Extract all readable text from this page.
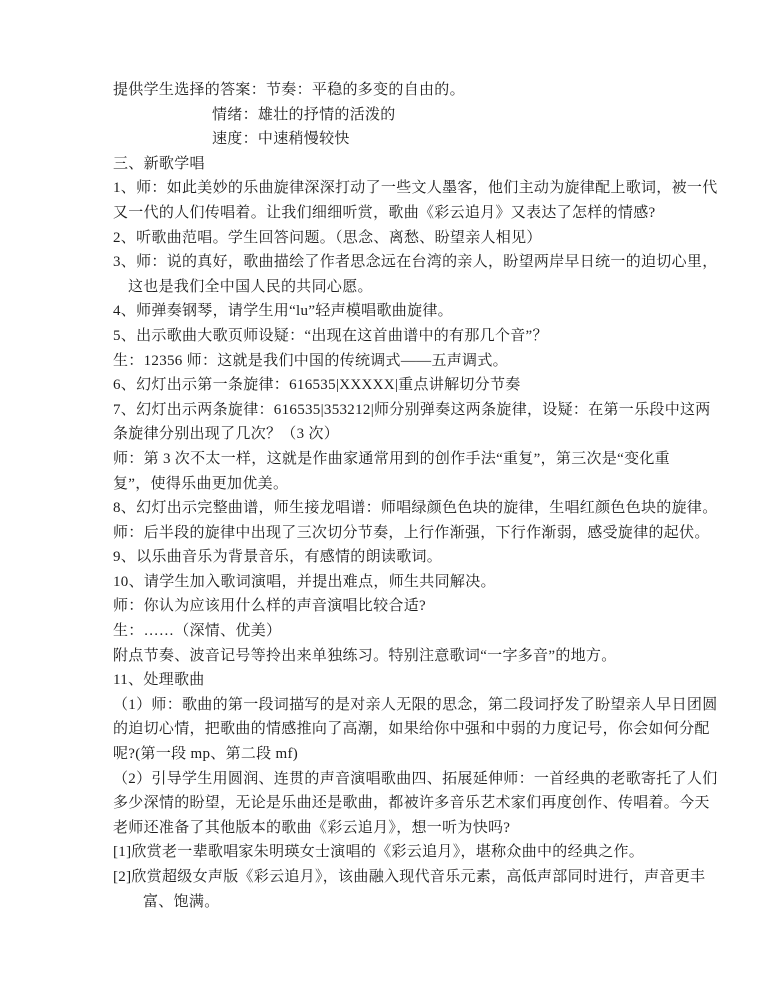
提供学生选择的答案：节奏：平稳的多变的自由的。
情绪：雄壮的抒情的活泼的
速度：中速稍慢较快
三、新歌学唱
1、师：如此美妙的乐曲旋律深深打动了一些文人墨客，他们主动为旋律配上歌词，被一代
又一代的人们传唱着。让我们细细听赏，歌曲《彩云追月》又表达了怎样的情感?
2、听歌曲范唱。学生回答问题。（思念、离愁、盼望亲人相见）
3、师：说的真好，歌曲描绘了作者思念远在台湾的亲人，盼望两岸早日统一的迫切心里，
这也是我们全中国人民的共同心愿。
4、师弹奏钢琴，请学生用“lu”轻声模唱歌曲旋律。
5、出示歌曲大歌页师设疑：“出现在这首曲谱中的有那几个音”？
生：12356 师：这就是我们中国的传统调式——五声调式。
6、幻灯出示第一条旋律：616535|XXXXX|重点讲解切分节奏
7、幻灯出示两条旋律：616535|353212|师分别弹奏这两条旋律，设疑：在第一乐段中这两
条旋律分别出现了几次？（3 次）
师：第 3 次不太一样，这就是作曲家通常用到的创作手法“重复”，第三次是“变化重
复”，使得乐曲更加优美。
8、幻灯出示完整曲谱，师生接龙唱谱：师唱绿颜色色块的旋律，生唱红颜色色块的旋律。
师：后半段的旋律中出现了三次切分节奏，上行作渐强，下行作渐弱，感受旋律的起伏。
9、以乐曲音乐为背景音乐，有感情的朗读歌词。
10、请学生加入歌词演唱，并提出难点，师生共同解决。
师：你认为应该用什么样的声音演唱比较合适?
生：……（深情、优美）
附点节奏、波音记号等拎出来单独练习。特别注意歌词“一字多音”的地方。
11、处理歌曲
（1）师：歌曲的第一段词描写的是对亲人无限的思念，第二段词抒发了盼望亲人早日团圆
的迫切心情，把歌曲的情感推向了高潮，如果给你中强和中弱的力度记号，你会如何分配
呢?(第一段 mp、第二段 mf)
（2）引导学生用圆润、连贯的声音演唱歌曲四、拓展延伸师：一首经典的老歌寄托了人们
多少深情的盼望，无论是乐曲还是歌曲，都被许多音乐艺术家们再度创作、传唱着。今天
老师还准备了其他版本的歌曲《彩云追月》，想一听为快吗?
[1]欣赏老一辈歌唱家朱明瑛女士演唱的《彩云追月》，堪称众曲中的经典之作。
[2]欣赏超级女声版《彩云追月》，该曲融入现代音乐元素，高低声部同时进行，声音更丰
富、饱满。
